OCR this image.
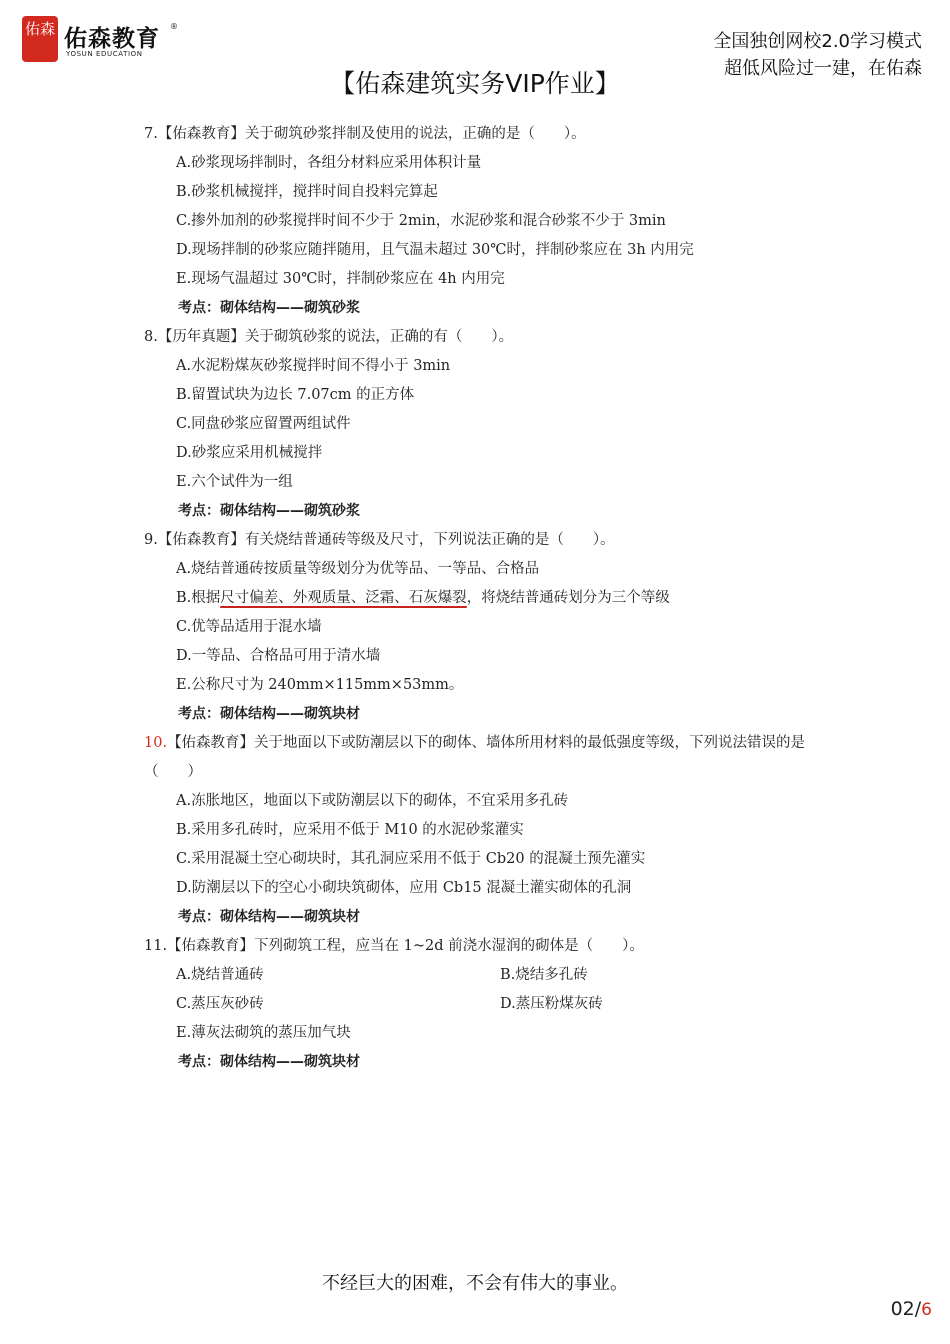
佑森 佑森教育 ®
YOSUN EDUCATION
全国独创网校2.0学习模式
超低风险过一建，在佑森
【佑森建筑实务VIP作业】
7.【佑森教育】关于砌筑砂浆拌制及使用的说法，正确的是（　　）。
A.砂浆现场拌制时，各组分材料应采用体积计量
B.砂浆机械搅拌，搅拌时间自投料完算起
C.掺外加剂的砂浆搅拌时间不少于 2min，水泥砂浆和混合砂浆不少于 3min
D.现场拌制的砂浆应随拌随用，且气温未超过 30℃时，拌制砂浆应在 3h 内用完
E.现场气温超过 30℃时，拌制砂浆应在 4h 内用完
考点：砌体结构——砌筑砂浆
8.【历年真题】关于砌筑砂浆的说法，正确的有（　　）。
A.水泥粉煤灰砂浆搅拌时间不得小于 3min
B.留置试块为边长 7.07cm 的正方体
C.同盘砂浆应留置两组试件
D.砂浆应采用机械搅拌
E.六个试件为一组
考点：砌体结构——砌筑砂浆
9.【佑森教育】有关烧结普通砖等级及尺寸，下列说法正确的是（　　）。
A.烧结普通砖按质量等级划分为优等品、一等品、合格品
B.根据尺寸偏差、外观质量、泛霜、石灰爆裂，将烧结普通砖划分为三个等级
C.优等品适用于混水墙
D.一等品、合格品可用于清水墙
E.公称尺寸为 240mm×115mm×53mm。
考点：砌体结构——砌筑块材
10.【佑森教育】关于地面以下或防潮层以下的砌体、墙体所用材料的最低强度等级，下列说法错误的是（　　）
A.冻胀地区，地面以下或防潮层以下的砌体，不宜采用多孔砖
B.采用多孔砖时，应采用不低于 M10 的水泥砂浆灌实
C.采用混凝土空心砌块时，其孔洞应采用不低于 Cb20 的混凝土预先灌实
D.防潮层以下的空心小砌块筑砌体，应用 Cb15 混凝土灌实砌体的孔洞
考点：砌体结构——砌筑块材
11.【佑森教育】下列砌筑工程，应当在 1~2d 前浇水湿润的砌体是（　　）。
A.烧结普通砖	B.烧结多孔砖
C.蒸压灰砂砖	D.蒸压粉煤灰砖
E.薄灰法砌筑的蒸压加气块
考点：砌体结构——砌筑块材
不经巨大的困难，不会有伟大的事业。
02/6
